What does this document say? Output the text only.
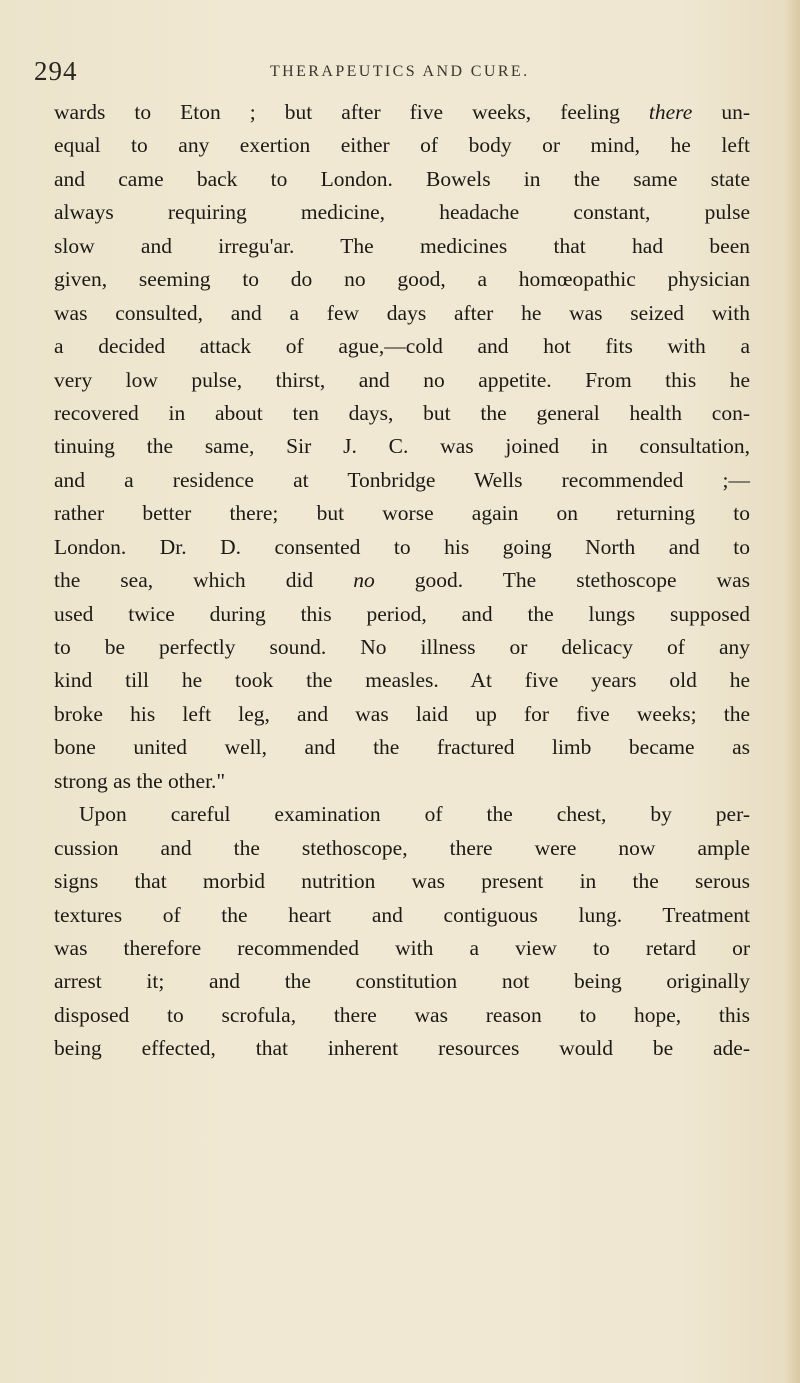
294	THERAPEUTICS AND CURE.
wards to Eton ; but after five weeks, feeling there un-
equal to any exertion either of body or mind, he left
and came back to London. Bowels in the same state
always requiring medicine, headache constant, pulse
slow and irregu'ar. The medicines that had been
given, seeming to do no good, a homœopathic physician
was consulted, and a few days after he was seized with
a decided attack of ague,—cold and hot fits with a
very low pulse, thirst, and no appetite. From this he
recovered in about ten days, but the general health con-
tinuing the same, Sir J. C. was joined in consultation,
and a residence at Tonbridge Wells recommended ;—
rather better there; but worse again on returning to
London. Dr. D. consented to his going North and to
the sea, which did no good. The stethoscope was
used twice during this period, and the lungs supposed
to be perfectly sound. No illness or delicacy of any
kind till he took the measles. At five years old he
broke his left leg, and was laid up for five weeks; the
bone united well, and the fractured limb became as
strong as the other."
Upon careful examination of the chest, by per-
cussion and the stethoscope, there were now ample
signs that morbid nutrition was present in the serous
textures of the heart and contiguous lung. Treatment
was therefore recommended with a view to retard or
arrest it; and the constitution not being originally
disposed to scrofula, there was reason to hope, this
being effected, that inherent resources would be ade-
